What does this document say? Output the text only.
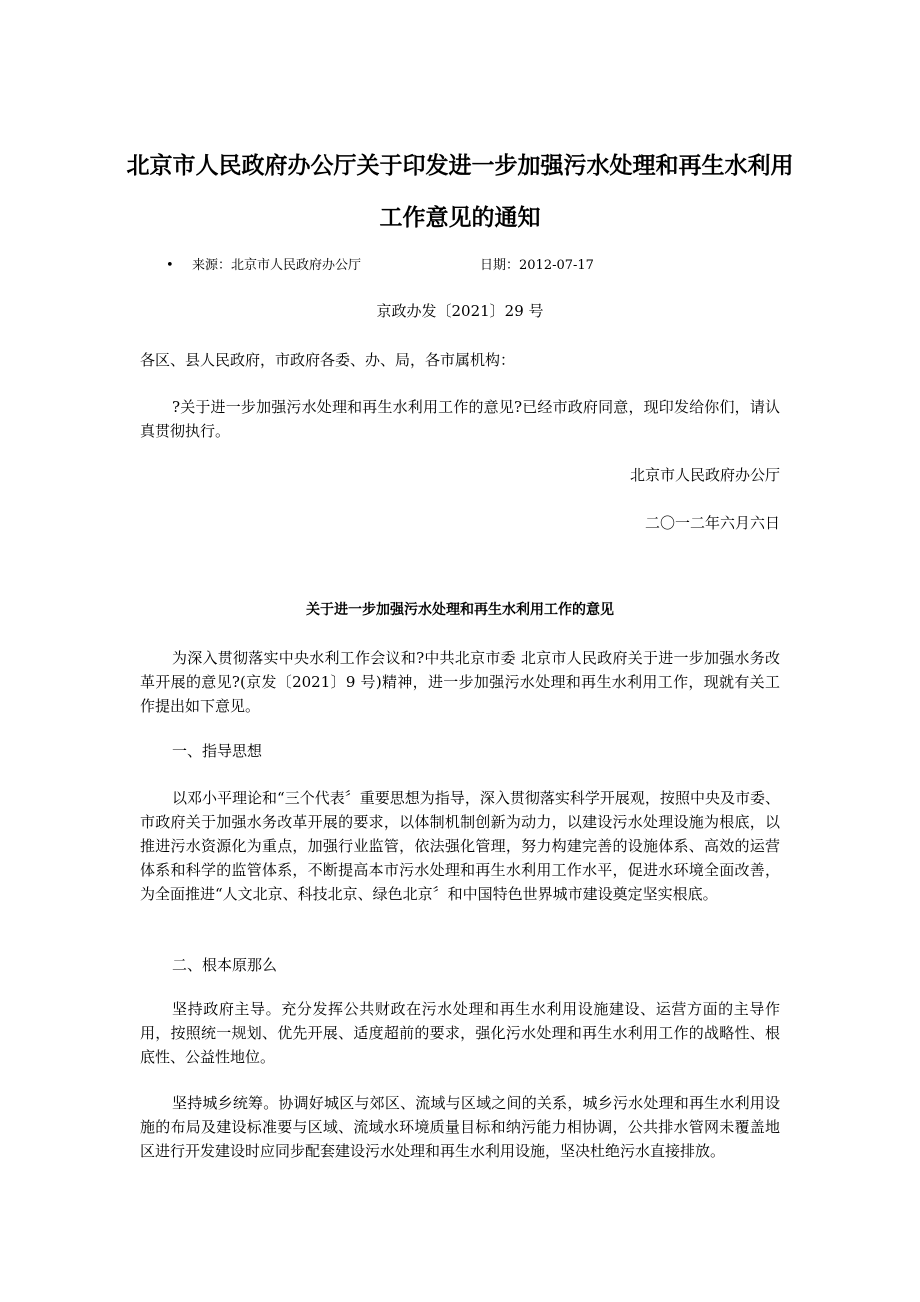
北京市人民政府办公厅关于印发进一步加强污水处理和再生水利用工作意见的通知
• 来源：北京市人民政府办公厅	日期：2012-07-17
京政办发〔2021〕29 号

各区、县人民政府，市政府各委、办、局，各市属机构：

?关于进一步加强污水处理和再生水利用工作的意见?已经市政府同意，现印发给你们，请认真贯彻执行。

北京市人民政府办公厅

二〇一二年六月六日

关于进一步加强污水处理和再生水利用工作的意见

为深入贯彻落实中央水利工作会议和?中共北京市委 北京市人民政府关于进一步加强水务改革开展的意见?(京发〔2021〕9 号)精神，进一步加强污水处理和再生水利用工作，现就有关工作提出如下意见。

一、指导思想

以邓小平理论和“三个代表〞重要思想为指导，深入贯彻落实科学开展观，按照中央及市委、市政府关于加强水务改革开展的要求，以体制机制创新为动力，以建设污水处理设施为根底，以推进污水资源化为重点，加强行业监管，依法强化管理，努力构建完善的设施体系、高效的运营体系和科学的监管体系，不断提高本市污水处理和再生水利用工作水平，促进水环境全面改善，为全面推进“人文北京、科技北京、绿色北京〞和中国特色世界城市建设奠定坚实根底。

二、根本原那么

坚持政府主导。充分发挥公共财政在污水处理和再生水利用设施建设、运营方面的主导作用，按照统一规划、优先开展、适度超前的要求，强化污水处理和再生水利用工作的战略性、根底性、公益性地位。

坚持城乡统筹。协调好城区与郊区、流域与区域之间的关系，城乡污水处理和再生水利用设施的布局及建设标准要与区域、流域水环境质量目标和纳污能力相协调，公共排水管网未覆盖地区进行开发建设时应同步配套建设污水处理和再生水利用设施，坚决杜绝污水直接排放。
